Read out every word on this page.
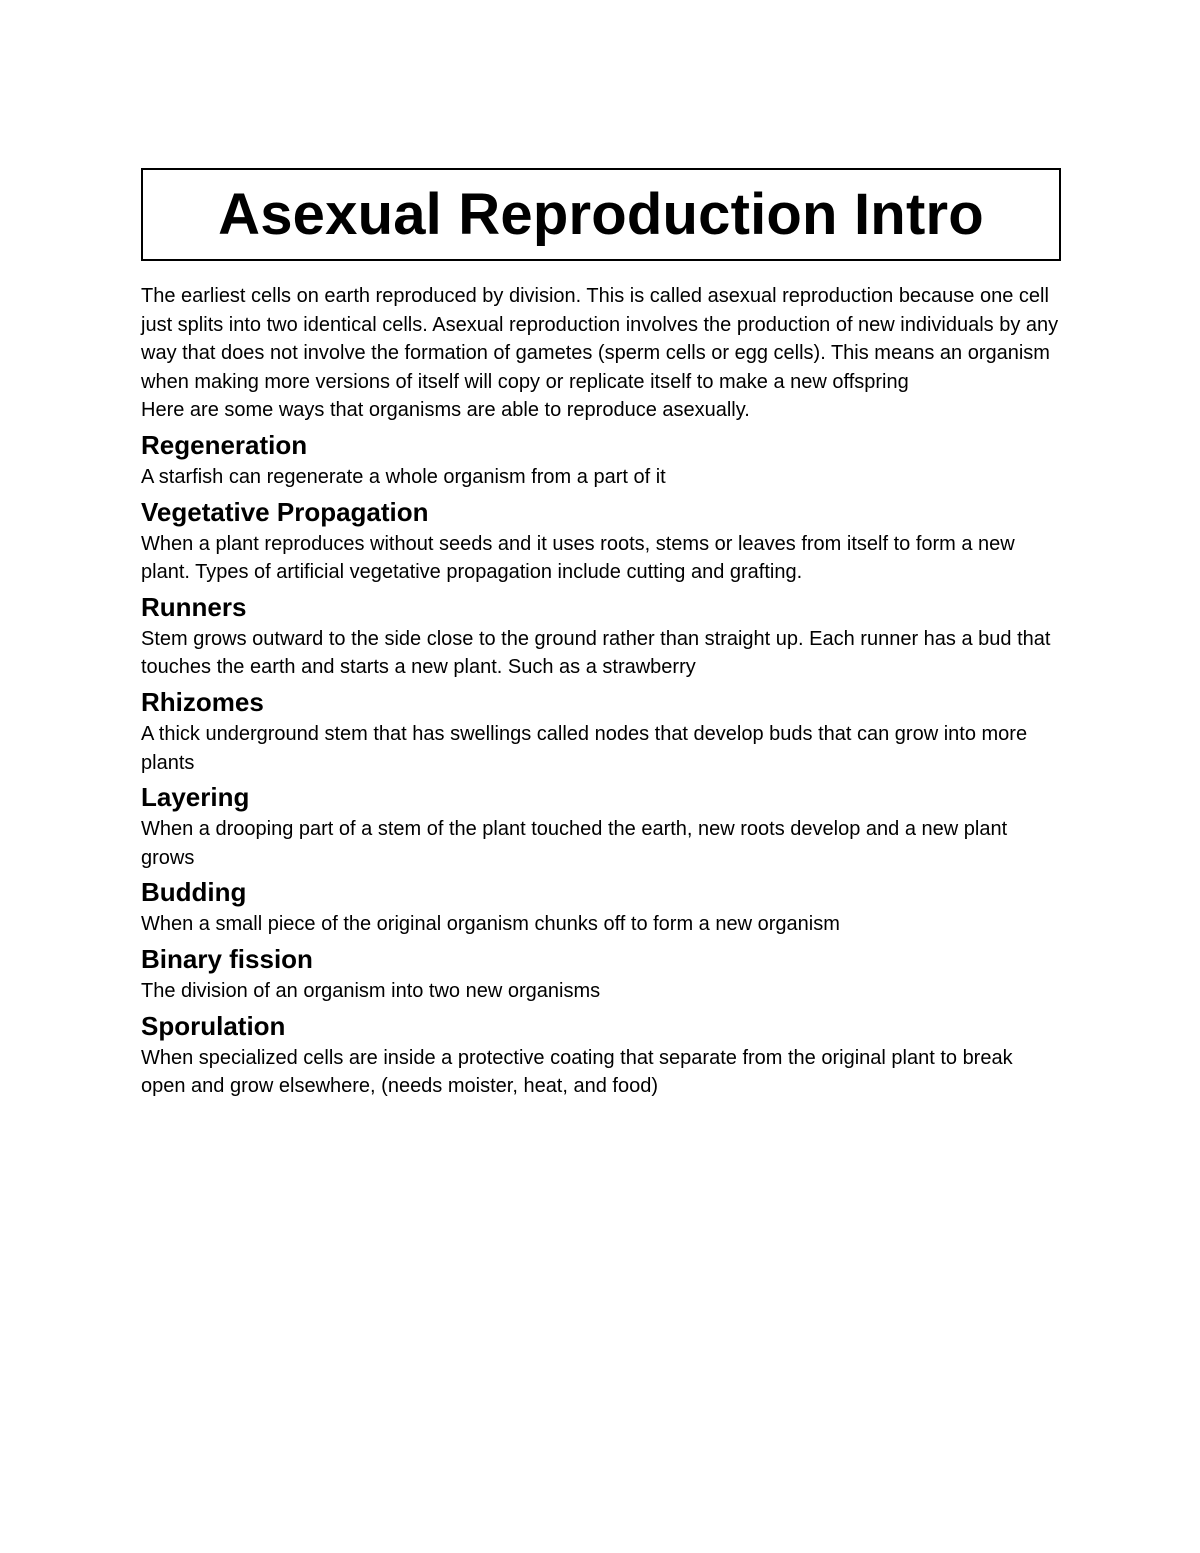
Asexual Reproduction Intro

The earliest cells on earth reproduced by division. This is called asexual reproduction because one cell just splits into two identical cells. Asexual reproduction involves the production of new individuals by any way that does not involve the formation of gametes (sperm cells or egg cells). This means an organism when making more versions of itself will copy or replicate itself to make a new offspring

Here are some ways that organisms are able to reproduce asexually.

Regeneration

A starfish can regenerate a whole organism from a part of it

Vegetative Propagation

When a plant reproduces without seeds and it uses roots, stems or leaves from itself to form a new plant. Types of artificial vegetative propagation include cutting and grafting.

Runners

Stem grows outward to the side close to the ground rather than straight up. Each runner has a bud that touches the earth and starts a new plant. Such as a strawberry

Rhizomes

A thick underground stem that has swellings called nodes that develop buds that can grow into more plants

Layering

When a drooping part of a stem of the plant touched the earth, new roots develop and a new plant grows

Budding

When a small piece of the original organism chunks off to form a new organism

Binary fission

The division of an organism into two new organisms

Sporulation

When specialized cells are inside a protective coating that separate from the original plant to break open and grow elsewhere, (needs moister, heat, and food)
